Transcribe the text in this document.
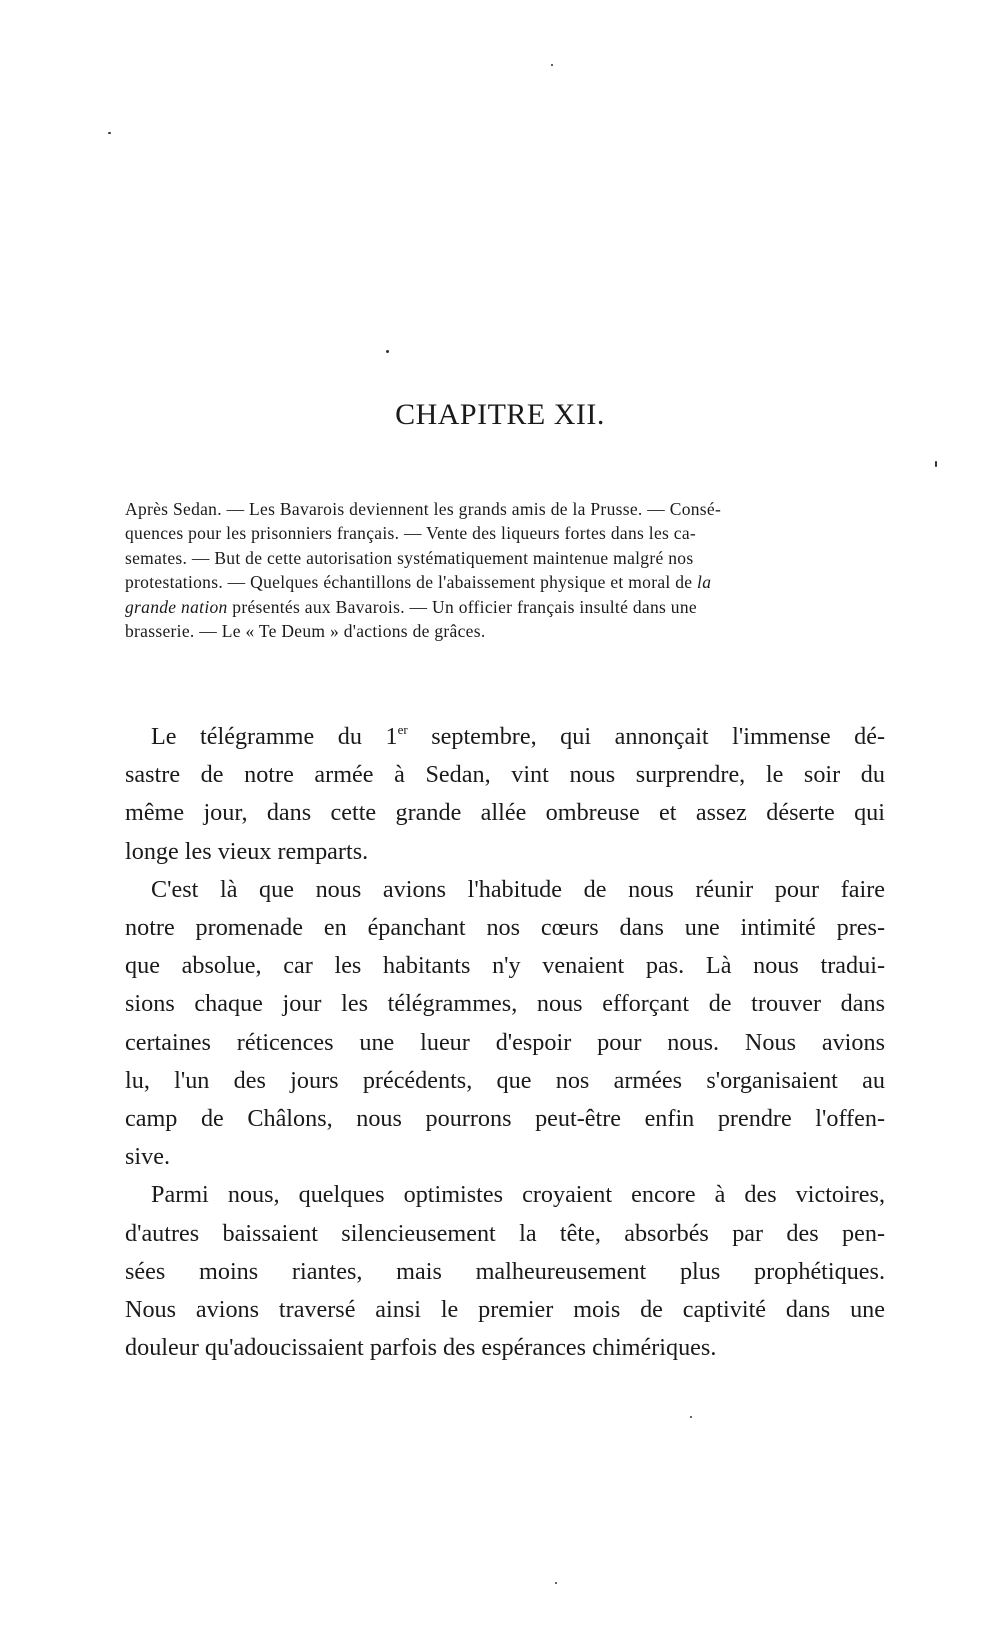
CHAPITRE XII.
Après Sedan. — Les Bavarois deviennent les grands amis de la Prusse. — Consé-
quences pour les prisonniers français. — Vente des liqueurs fortes dans les ca-
semates. — But de cette autorisation systématiquement maintenue malgré nos
protestations. — Quelques échantillons de l'abaissement physique et moral de la
grande nation présentés aux Bavarois. — Un officier français insulté dans une
brasserie. — Le « Te Deum » d'actions de grâces.

Le télégramme du 1er septembre, qui annonçait l'immense dé-
sastre de notre armée à Sedan, vint nous surprendre, le soir du
même jour, dans cette grande allée ombreuse et assez déserte qui
longe les vieux remparts.

C'est là que nous avions l'habitude de nous réunir pour faire
notre promenade en épanchant nos cœurs dans une intimité pres-
que absolue, car les habitants n'y venaient pas. Là nous tradui-
sions chaque jour les télégrammes, nous efforçant de trouver dans
certaines réticences une lueur d'espoir pour nous. Nous avions
lu, l'un des jours précédents, que nos armées s'organisaient au
camp de Châlons, nous pourrons peut-être enfin prendre l'offen-
sive.

Parmi nous, quelques optimistes croyaient encore à des victoires,
d'autres baissaient silencieusement la tête, absorbés par des pen-
sées moins riantes, mais malheureusement plus prophétiques.
Nous avions traversé ainsi le premier mois de captivité dans une
douleur qu'adoucissaient parfois des espérances chimériques.
